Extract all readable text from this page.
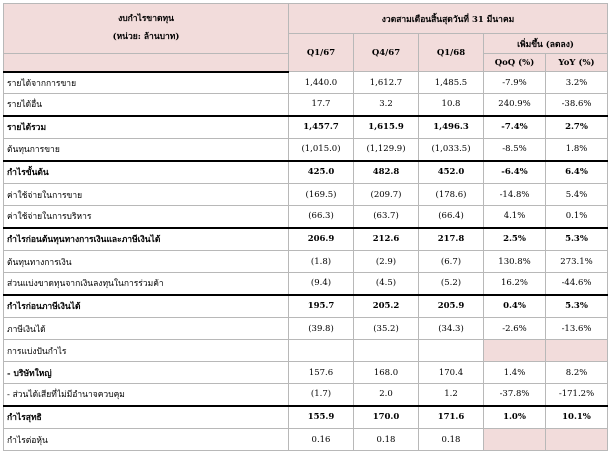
งบกำไรขาดทุน
(หน่วย: ล้านบาท)	งวดสามเดือนสิ้นสุดวันที่ 31 มีนาคม				
	Q1/67	Q4/67	Q1/68	เพิ่มขึ้น (ลดลง)	
				QoQ (%)	YoY (%)
รายได้จากการขาย	1,440.0	1,612.7	1,485.5	-7.9%	3.2%
รายได้อื่น	17.7	3.2	10.8	240.9%	-38.6%
รายได้รวม	1,457.7	1,615.9	1,496.3	-7.4%	2.7%
ต้นทุนการขาย	(1,015.0)	(1,129.9)	(1,033.5)	-8.5%	1.8%
กำไรขั้นต้น	425.0	482.8	452.0	-6.4%	6.4%
ค่าใช้จ่ายในการขาย	(169.5)	(209.7)	(178.6)	-14.8%	5.4%
ค่าใช้จ่ายในการบริหาร	(66.3)	(63.7)	(66.4)	4.1%	0.1%
กำไรก่อนต้นทุนทางการเงินและภาษีเงินได้	206.9	212.6	217.8	2.5%	5.3%
ต้นทุนทางการเงิน	(1.8)	(2.9)	(6.7)	130.8%	273.1%
ส่วนแบ่งขาดทุนจากเงินลงทุนในการร่วมค้า	(9.4)	(4.5)	(5.2)	16.2%	-44.6%
กำไรก่อนภาษีเงินได้	195.7	205.2	205.9	0.4%	5.3%
ภาษีเงินได้	(39.8)	(35.2)	(34.3)	-2.6%	-13.6%
การแบ่งปันกำไร					
- บริษัทใหญ่	157.6	168.0	170.4	1.4%	8.2%
- ส่วนได้เสียที่ไม่มีอำนาจควบคุม	(1.7)	2.0	1.2	-37.8%	-171.2%
กำไรสุทธิ	155.9	170.0	171.6	1.0%	10.1%
กำไรต่อหุ้น	0.16	0.18	0.18		
